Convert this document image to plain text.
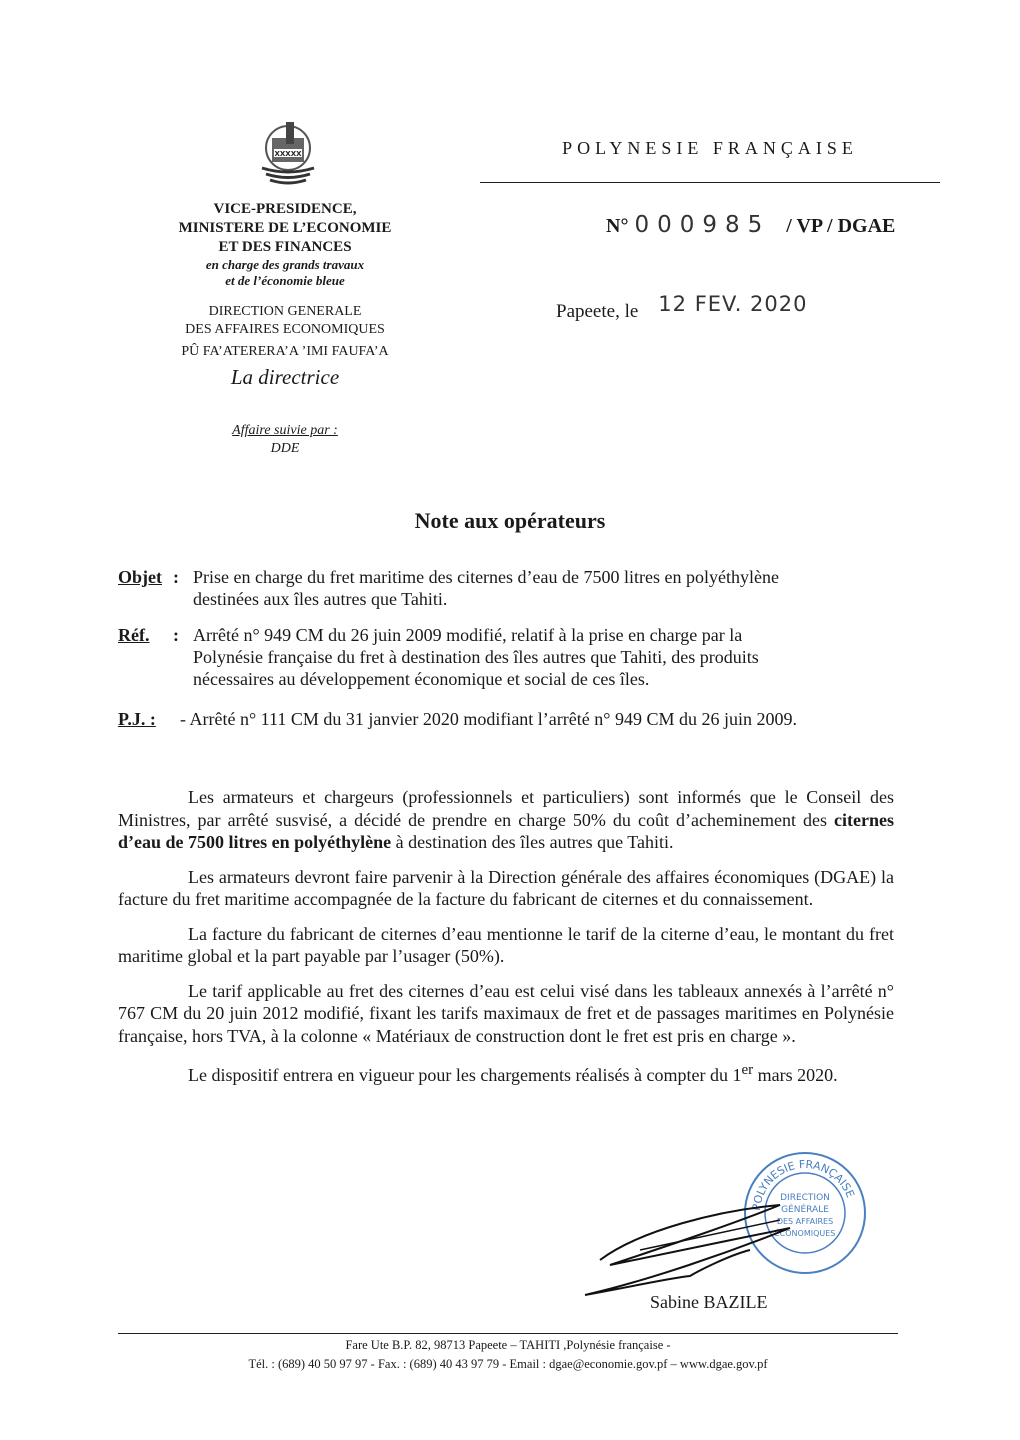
XXXXX
VICE-PRESIDENCE,
MINISTERE DE L’ECONOMIE
ET DES FINANCES
en charge des grands travaux
et de l’économie bleue
DIRECTION GENERALE
DES AFFAIRES ECONOMIQUES
PÛ FA’ATERERA’A ’IMI FAUFA’A
La directrice
Affaire suivie par :
DDE
POLYNESIE FRANÇAISE
N° 000985 / VP / DGAE
Papeete, le 12 FEV. 2020
Note aux opérateurs
Objet : Prise en charge du fret maritime des citernes d’eau de 7500 litres en polyéthylène
destinées aux îles autres que Tahiti.
Réf. : Arrêté n° 949 CM du 26 juin 2009 modifié, relatif à la prise en charge par la
Polynésie française du fret à destination des îles autres que Tahiti, des produits
nécessaires au développement économique et social de ces îles.
P.J. : - Arrêté n° 111 CM du 31 janvier 2020 modifiant l’arrêté n° 949 CM du 26 juin 2009.

Les armateurs et chargeurs (professionnels et particuliers) sont informés que le Conseil des Ministres, par arrêté susvisé, a décidé de prendre en charge 50% du coût d’acheminement des citernes d’eau de 7500 litres en polyéthylène à destination des îles autres que Tahiti.

Les armateurs devront faire parvenir à la Direction générale des affaires économiques (DGAE) la facture du fret maritime accompagnée de la facture du fabricant de citernes et du connaissement.

La facture du fabricant de citernes d’eau mentionne le tarif de la citerne d’eau, le montant du fret maritime global et la part payable par l’usager (50%).

Le tarif applicable au fret des citernes d’eau est celui visé dans les tableaux annexés à l’arrêté n° 767 CM du 20 juin 2012 modifié, fixant les tarifs maximaux de fret et de passages maritimes en Polynésie française, hors TVA, à la colonne « Matériaux de construction dont le fret est pris en charge ».

Le dispositif entrera en vigueur pour les chargements réalisés à compter du 1er mars 2020.

POLYNESIE FRANÇAISE
DIRECTION
GÉNÉRALE
DES AFFAIRES
ÉCONOMIQUES
Sabine BAZILE
Fare Ute B.P. 82, 98713 Papeete – TAHITI ,Polynésie française -
Tél. : (689) 40 50 97 97 - Fax. : (689) 40 43 97 79 - Email : dgae@economie.gov.pf – www.dgae.gov.pf
